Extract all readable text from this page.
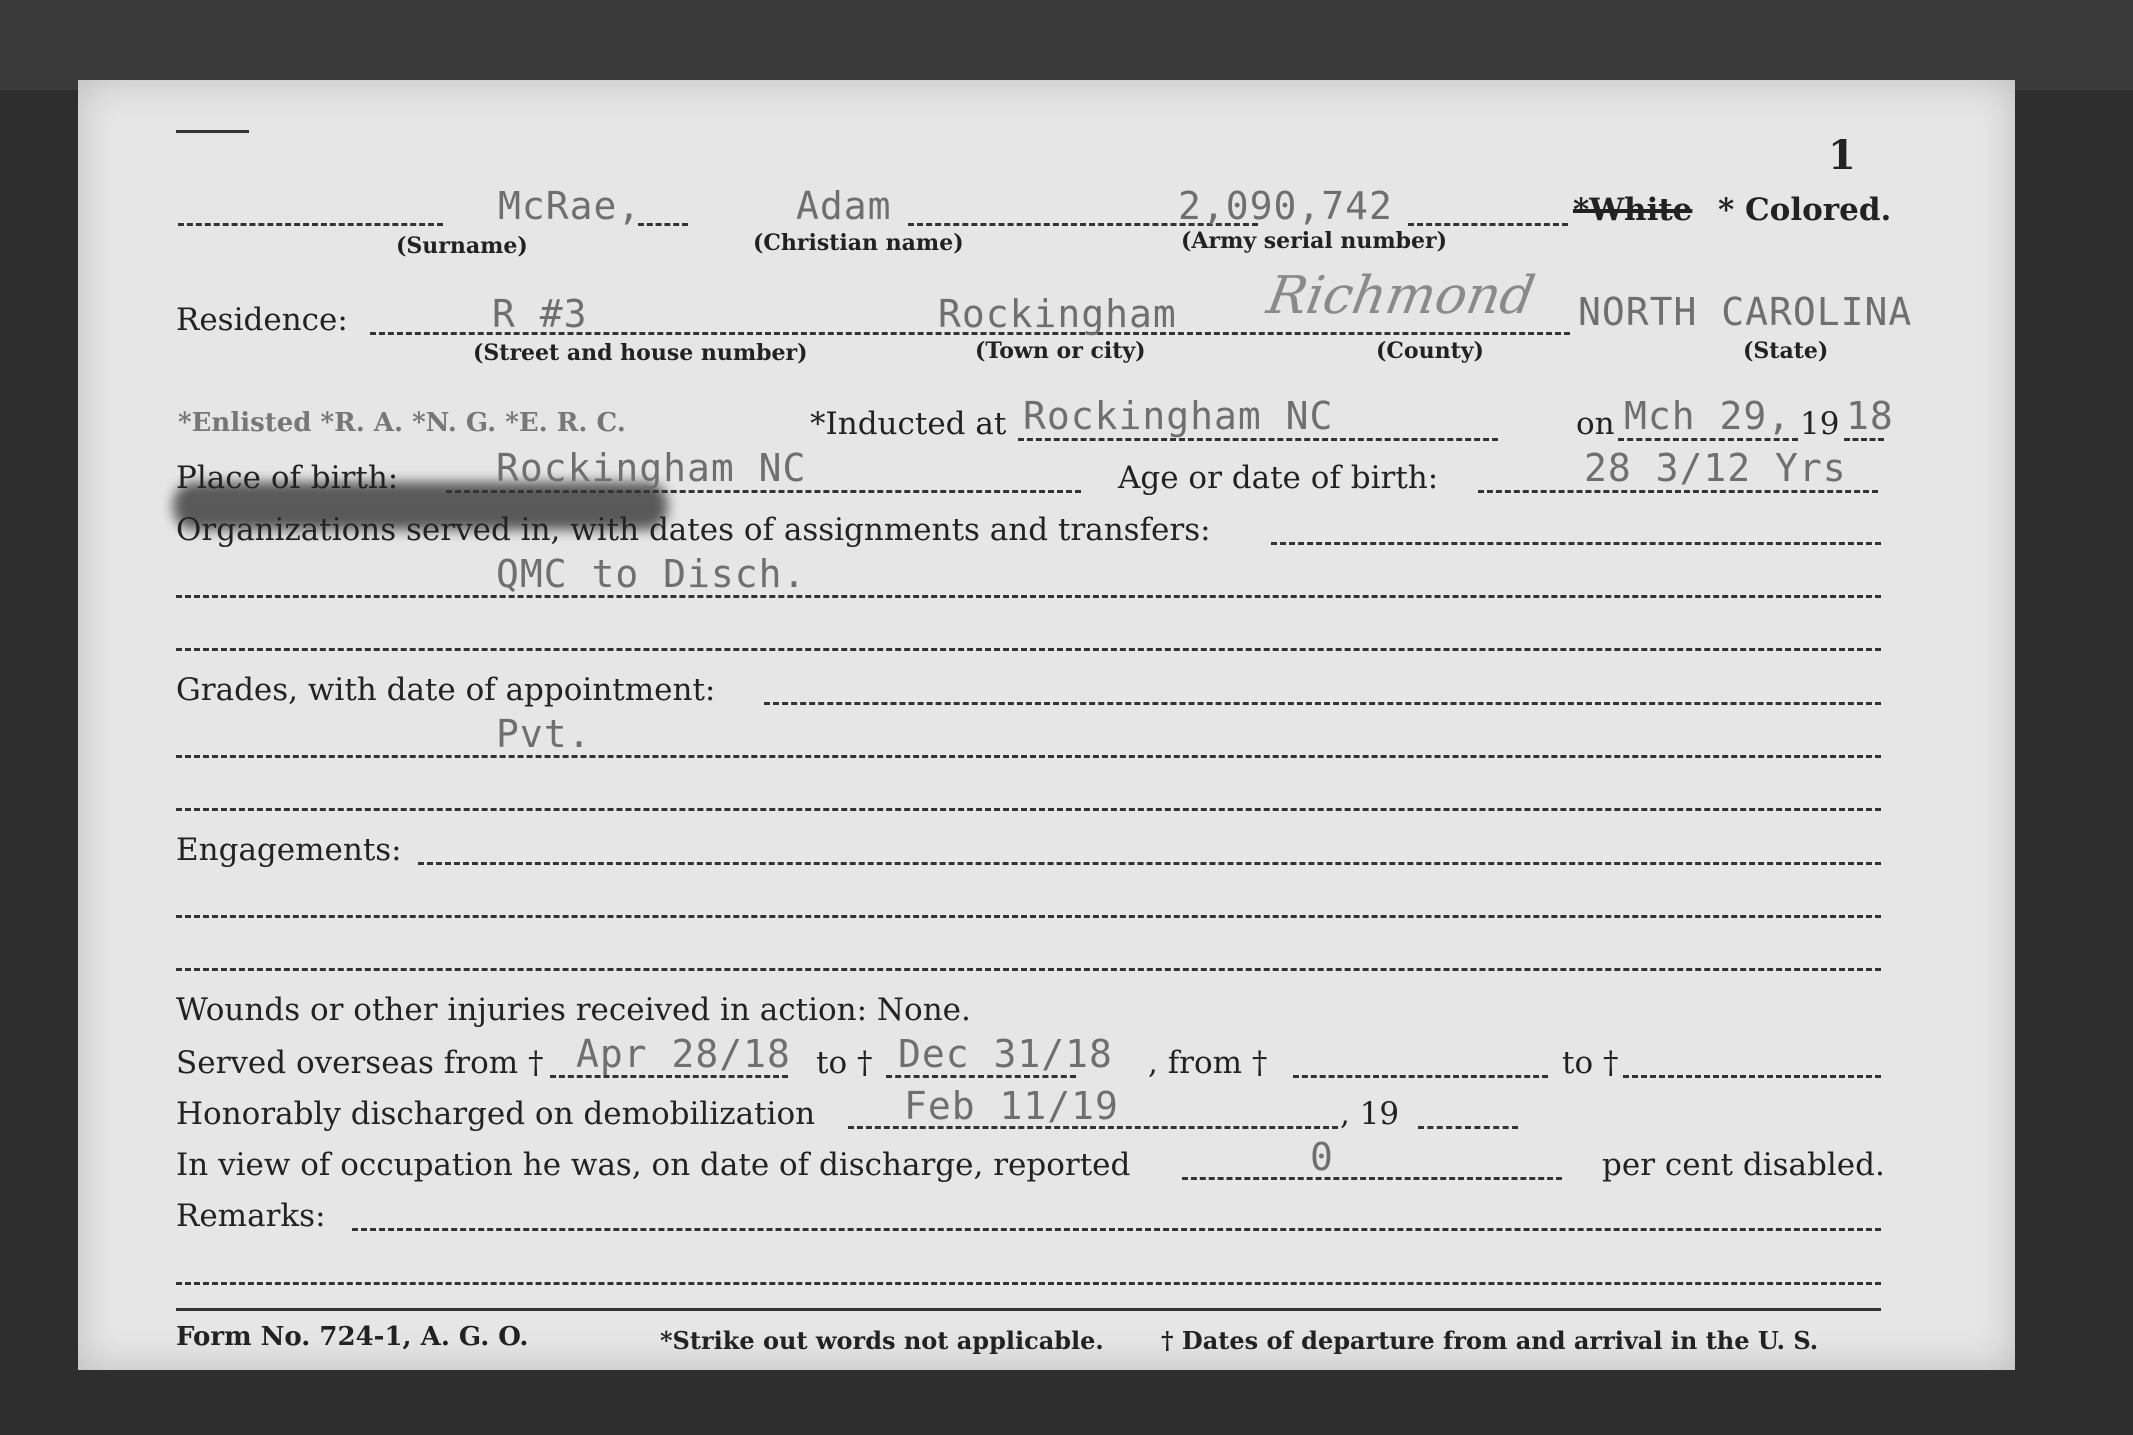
1
McRae,	Adam	2,090,742	*White * Colored.
(Surname)	(Christian name)	(Army serial number)
Residence:	R #3	Rockingham Richmond NORTH CAROLINA
(Street and house number)	(Town or city)	(County)	(State)
*Enlisted *R. A. *N. G. *E. R. C.	*Inducted at Rockingham NC	on Mch 29, 19 18
Place of birth:	Rockingham NC	Age or date of birth:	28 3/12 Yrs
Organizations served in, with dates of assignments and transfers:
QMC to Disch.
Grades, with date of appointment:
Pvt.
Engagements:
Wounds or other injuries received in action: None.
Served overseas from † Apr 28/18 to † Dec 31/18 , from †	to †
Honorably discharged on demobilization Feb 11/19	, 19
In view of occupation he was, on date of discharge, reported	0	per cent disabled.
Remarks:
Form No. 724-1, A. G. O.	*Strike out words not applicable. † Dates of departure from and arrival in the U. S.
